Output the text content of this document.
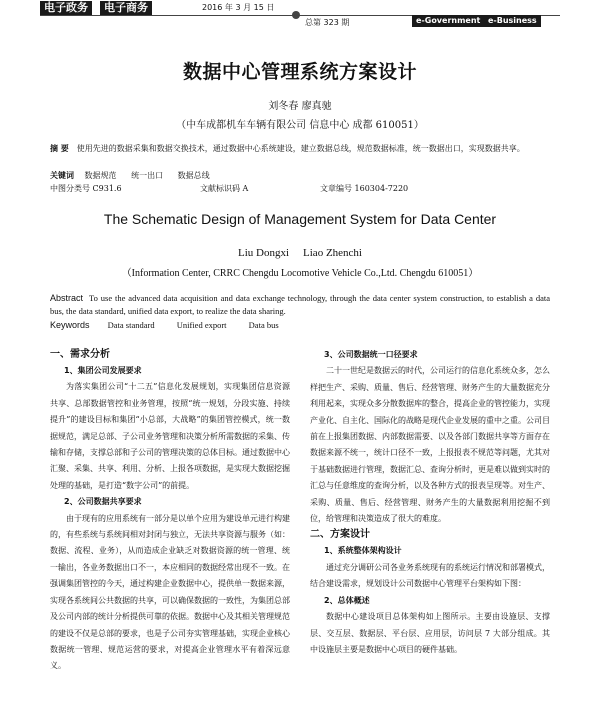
电子政务	电子商务	2016 年 3 月 15 日
总第 323 期	e-Government e-Business
数据中心管理系统方案设计
刘冬春 廖真驰
（中车成都机车车辆有限公司 信息中心 成都 610051）
摘 要 使用先进的数据采集和数据交换技术，通过数据中心系统建设，建立数据总线，规范数据标准，统一数据出口，实现数据共享。
关键词 数据规范 统一出口 数据总线
中图分类号 C931.6	文献标识码 A	文章编号 160304-7220
The Schematic Design of Management System for Data Center
Liu Dongxi Liao Zhenchi
（Information Center, CRRC Chengdu Locomotive Vehicle Co.,Ltd. Chengdu 610051）
Abstract To use the advanced data acquisition and data exchange technology, through the data center system construction, to establish a data bus, the data standard, unified data export, to realize the data sharing.
Keywords Data standard	Unified export	Data bus

一、需求分析

1、集团公司发展要求

为落实集团公司“十二五”信息化发展规划，实现集团信息资源共享、总部数据管控和业务管理，按照“统一规划，分段实施、持续提升”的建设目标和集团“小总部，大战略”的集团管控模式，统一数据规范，满足总部、子公司业务管理和决策分析所需数据的采集、传输和存储，支撑总部和子公司的管理决策的总体目标。通过数据中心汇聚、采集、共享、利用、分析、上报各项数据，是实现大数据挖掘处理的基础，是打造“数字公司”的前提。

2、公司数据共享要求

由于现有的应用系统有一部分是以单个应用为建设单元进行构建的，有些系统与系统间相对封闭与独立，无法共享资源与服务（如：数据、流程、业务），从而造成企业缺乏对数据资源的统一管理、统一输出，各业务数据出口不一，本应相同的数据经常出现不一致。在强调集团管控的今天，通过构建企业数据中心，提供单一数据来源，实现各系统间公共数据的共享，可以确保数据的一致性，为集团总部及公司内部的统计分析提供可靠的依据。数据中心及其相关管理规范的建设不仅是总部的要求，也是子公司夯实管理基础，实现企业核心数据统一管理、规范运营的要求，对提高企业管理水平有着深远意义。

3、公司数据统一口径要求

二十一世纪是数据云的时代，公司运行的信息化系统众多，怎么样把生产、采购、质量、售后、经营管理、财务产生的大量数据充分利用起来，实现众多分散数据库的整合，提高企业的管控能力，实现产业化、自主化、国际化的战略是现代企业发展的重中之重。公司目前在上报集团数据、内部数据需要、以及各部门数据共享等方面存在数据来源不统一，统计口径不一致，上报报表不规范等问题，尤其对于基础数据进行管理，数据汇总、查询分析时，更是难以做到实时的汇总与任意维度的查询分析，以及各种方式的报表呈现等。对生产、采购、质量、售后、经营管理、财务产生的大量数据利用挖掘不到位，给管理和决策造成了很大的难度。

二、方案设计

1、系统整体架构设计

通过充分调研公司各业务系统现有的系统运行情况和部署模式，结合建设需求，规划设计公司数据中心管理平台架构如下图：

2、总体概述

数据中心建设项目总体架构如上图所示。主要由设施层、支撑层、交互层、数据层、平台层、应用层，访问层 7 大部分组成。其中设施层主要是数据中心项目的硬件基础。
